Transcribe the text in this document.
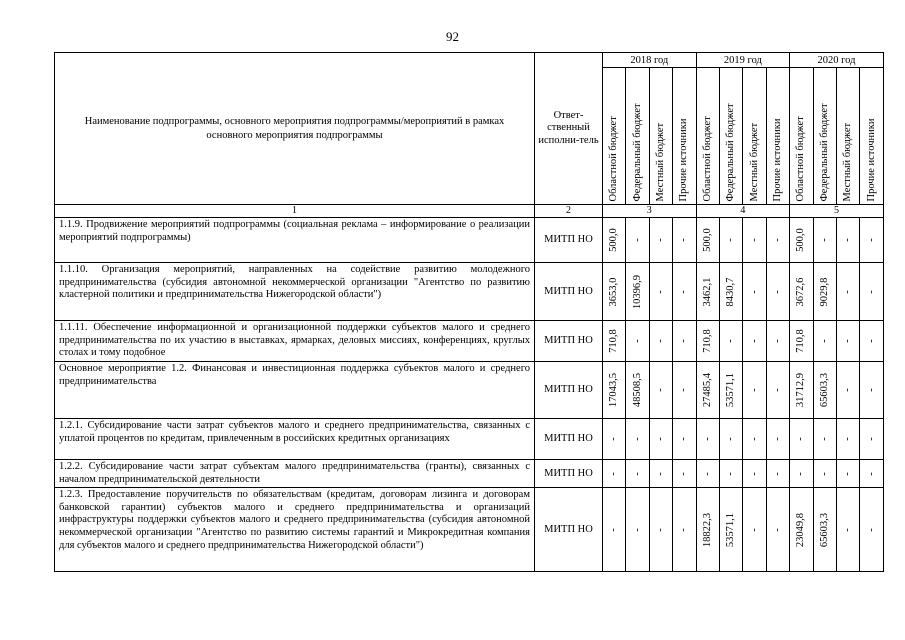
92
Наименование подпрограммы, основного мероприятия подпрограммы/мероприятий в рамках основного мероприятия подпрограммы	Ответ-ственный исполни-тель	2018 год				2019 год				2020 год			

		Областной бюджет	Федеральный бюджет	Местный бюджет	Прочие источники	Областной бюджет	Федеральный бюджет	Местный бюджет	Прочие источники	Областной бюджет	Федеральный бюджет	Местный бюджет	Прочие источники

1	2	3				4				5			
1.1.9. Продвижение мероприятий подпрограммы (социальная реклама – информирование о реализации мероприятий подпрограммы)	МИТП НО	500,0	-	-	-	500,0	-	-	-	500,0	-	-	-

1.1.10. Организация мероприятий, направленных на содействие развитию молодежного предпринимательства (субсидия автономной некоммерческой организации "Агентство по развитию кластерной политики и предпринимательства Нижегородской области")	МИТП НО	3653,0	10396,9	-	-	3462,1	8430,7	-	-	3672,6	9029,8	-	-

1.1.11. Обеспечение информационной и организационной поддержки субъектов малого и среднего предпринимательства по их участию в выставках, ярмарках, деловых миссиях, конференциях, круглых столах и тому подобное	МИТП НО	710,8	-	-	-	710,8	-	-	-	710,8	-	-	-

Основное мероприятие 1.2. Финансовая и инвестиционная поддержка субъектов малого и среднего предпринимательства	МИТП НО	17043,5	48508,5	-	-	27485,4	53571,1	-	-	31712,9	65603,3	-	-

1.2.1. Субсидирование части затрат субъектов малого и среднего предпринимательства, связанных с уплатой процентов по кредитам, привлеченным в российских кредитных организациях	МИТП НО	-	-	-	-	-	-	-	-	-	-	-	-

1.2.2. Субсидирование части затрат субъектам малого предпринимательства (гранты), связанных с началом предпринимательской деятельности	МИТП НО	-	-	-	-	-	-	-	-	-	-	-	-

1.2.3. Предоставление поручительств по обязательствам (кредитам, договорам лизинга и договорам банковской гарантии) субъектов малого и среднего предпринимательства и организаций инфраструктуры поддержки субъектов малого и среднего предпринимательства (субсидия автономной некоммерческой организации "Агентство по развитию системы гарантий и Микрокредитная компания для субъектов малого и среднего предпринимательства Нижегородской области")	МИТП НО	-	-	-	-	18822,3	53571,1	-	-	23049,8	65603,3	-	-
